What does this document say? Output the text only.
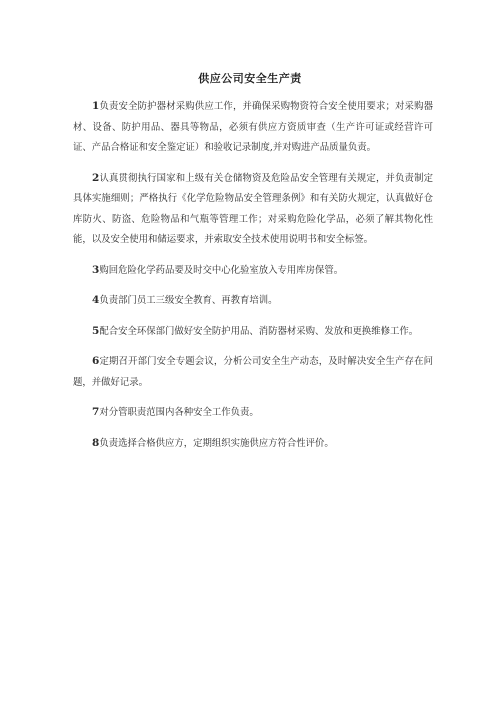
供应公司安全生产责

1负责安全防护器材采购供应工作，并确保采购物资符合安全使用要求；对采购器材、设备、防护用品、器具等物品，必须有供应方资质审查（生产许可证或经营许可证、产品合格证和安全鉴定证）和验收记录制度,并对购进产品质量负责。

2认真贯彻执行国家和上级有关仓储物资及危险品安全管理有关规定，并负责制定具体实施细则；严格执行《化学危险物品安全管理条例》和有关防火规定，认真做好仓库防火、防盗、危险物品和气瓶等管理工作；对采购危险化学品，必须了解其物化性能，以及安全使用和储运要求，并索取安全技术使用说明书和安全标签。

3购回危险化学药品要及时交中心化验室放入专用库房保管。

4负责部门员工三级安全教育、再教育培训。

5配合安全环保部门做好安全防护用品、消防器材采购、发放和更换维修工作。

6定期召开部门安全专题会议，分析公司安全生产动态，及时解决安全生产存在问题，并做好记录。

7对分管职责范围内各种安全工作负责。

8负责选择合格供应方，定期组织实施供应方符合性评价。
